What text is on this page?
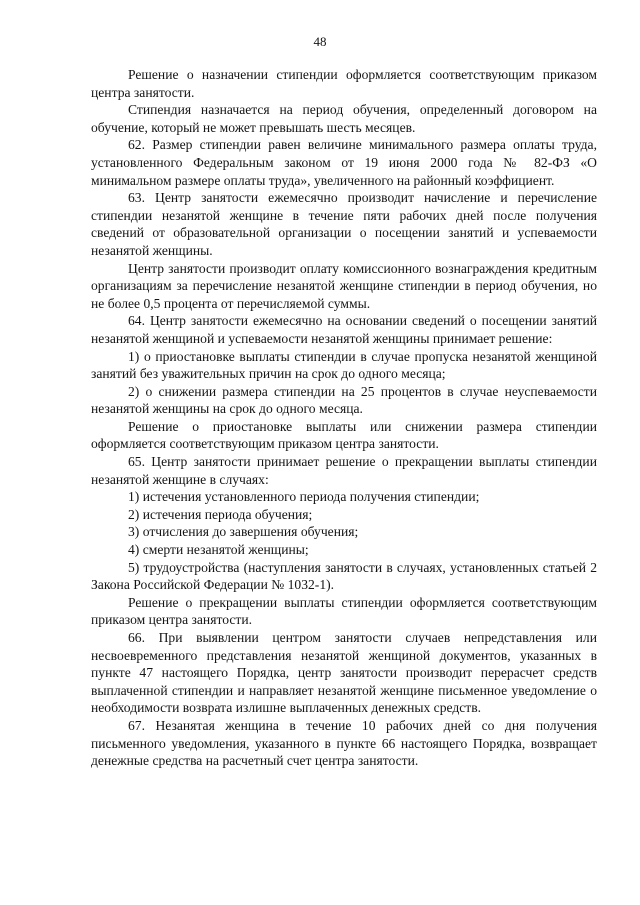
48

Решение о назначении стипендии оформляется соответствующим приказом центра занятости.

Стипендия назначается на период обучения, определенный договором на обучение, который не может превышать шесть месяцев.

62. Размер стипендии равен величине минимального размера оплаты труда, установленного Федеральным законом от 19 июня 2000 года № 82-ФЗ «О минимальном размере оплаты труда», увеличенного на районный коэффициент.

63. Центр занятости ежемесячно производит начисление и перечисление стипендии незанятой женщине в течение пяти рабочих дней после получения сведений от образовательной организации о посещении занятий и успеваемости незанятой женщины.

Центр занятости производит оплату комиссионного вознаграждения кредитным организациям за перечисление незанятой женщине стипендии в период обучения, но не более 0,5 процента от перечисляемой суммы.

64. Центр занятости ежемесячно на основании сведений о посещении занятий незанятой женщиной и успеваемости незанятой женщины принимает решение:

1) о приостановке выплаты стипендии в случае пропуска незанятой женщиной занятий без уважительных причин на срок до одного месяца;

2) о снижении размера стипендии на 25 процентов в случае неуспеваемости незанятой женщины на срок до одного месяца.

Решение о приостановке выплаты или снижении размера стипендии оформляется соответствующим приказом центра занятости.

65. Центр занятости принимает решение о прекращении выплаты стипендии незанятой женщине в случаях:

1) истечения установленного периода получения стипендии;

2) истечения периода обучения;

3) отчисления до завершения обучения;

4) смерти незанятой женщины;

5) трудоустройства (наступления занятости в случаях, установленных статьей 2 Закона Российской Федерации № 1032-1).

Решение о прекращении выплаты стипендии оформляется соответствующим приказом центра занятости.

66. При выявлении центром занятости случаев непредставления или несвоевременного представления незанятой женщиной документов, указанных в пункте 47 настоящего Порядка, центр занятости производит перерасчет средств выплаченной стипендии и направляет незанятой женщине письменное уведомление о необходимости возврата излишне выплаченных денежных средств.

67. Незанятая женщина в течение 10 рабочих дней со дня получения письменного уведомления, указанного в пункте 66 настоящего Порядка, возвращает денежные средства на расчетный счет центра занятости.
